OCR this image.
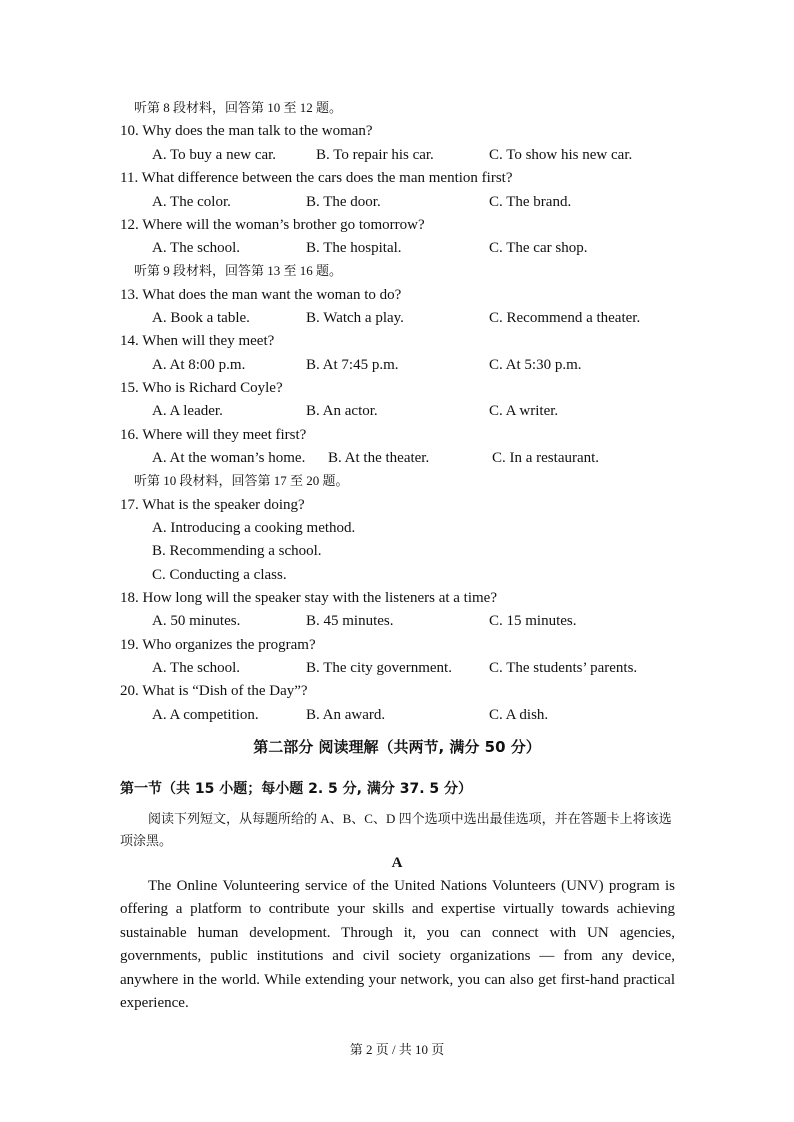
听第 8 段材料，回答第 10 至 12 题。
10. Why does the man talk to the woman?
A. To buy a new car.	B. To repair his car.	C. To show his new car.
11. What difference between the cars does the man mention first?
A. The color.	B. The door.	C. The brand.
12. Where will the woman’s brother go tomorrow?
A. The school.	B. The hospital.	C. The car shop.
听第 9 段材料，回答第 13 至 16 题。
13. What does the man want the woman to do?
A. Book a table.	B. Watch a play.	C. Recommend a theater.
14. When will they meet?
A. At 8:00 p.m.	B. At 7:45 p.m.	C. At 5:30 p.m.
15. Who is Richard Coyle?
A. A leader.	B. An actor.	C. A writer.
16. Where will they meet first?
A. At the woman’s home. B. At the theater.	C. In a restaurant.
听第 10 段材料，回答第 17 至 20 题。
17. What is the speaker doing?
A. Introducing a cooking method.
B. Recommending a school.
C. Conducting a class.
18. How long will the speaker stay with the listeners at a time?
A. 50 minutes.	B. 45 minutes.	C. 15 minutes.
19. Who organizes the program?
A. The school.	B. The city government. C. The students’ parents.
20. What is “Dish of the Day”?
A. A competition.	B. An award.	C. A dish.
第二部分 阅读理解（共两节, 满分 50 分）
第一节（共 15 小题；每小题 2. 5 分, 满分 37. 5 分）
阅读下列短文，从每题所给的 A、B、C、D 四个选项中选出最佳选项，并在答题卡上将该选项涂黑。
A
The Online Volunteering service of the United Nations Volunteers (UNV) program is offering a platform to contribute your skills and expertise virtually towards achieving sustainable human development. Through it, you can connect with UN agencies, governments, public institutions and civil society organizations — from any device, anywhere in the world. While extending your network, you can also get first-hand practical experience.
第 2 页 / 共 10 页
